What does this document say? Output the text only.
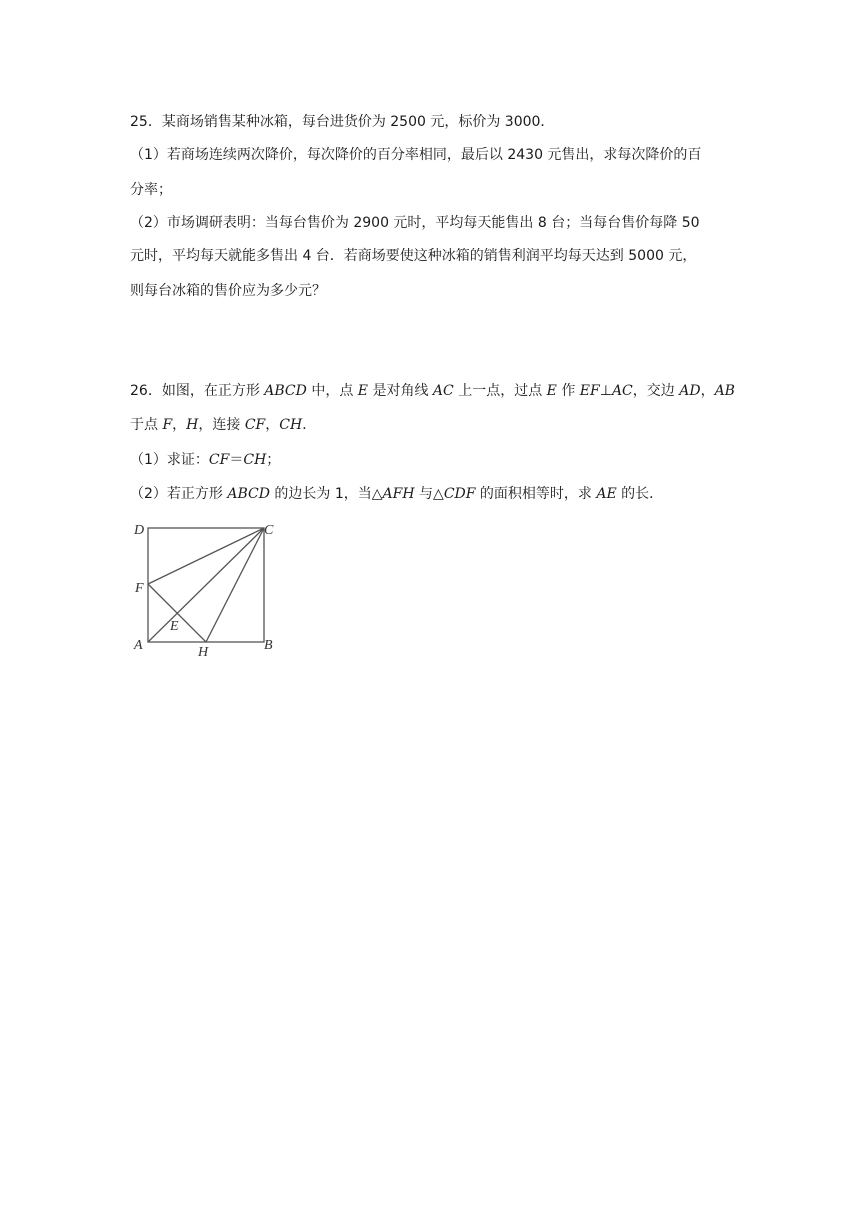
25．某商场销售某种冰箱，每台进货价为 2500 元，标价为 3000．
（1）若商场连续两次降价，每次降价的百分率相同，最后以 2430 元售出，求每次降价的百
分率；
（2）市场调研表明：当每台售价为 2900 元时，平均每天能售出 8 台；当每台售价每降 50
元时，平均每天就能多售出 4 台．若商场要使这种冰箱的销售利润平均每天达到 5000 元，
则每台冰箱的售价应为多少元？
26．如图，在正方形 ABCD 中，点 E 是对角线 AC 上一点，过点 E 作 EF⊥AC，交边 AD，AB
于点 F，H，连接 CF，CH．
（1）求证：CF＝CH；
（2）若正方形 ABCD 的边长为 1，当△AFH 与△CDF 的面积相等时，求 AE 的长．
D	C
F
E
A	H	B
